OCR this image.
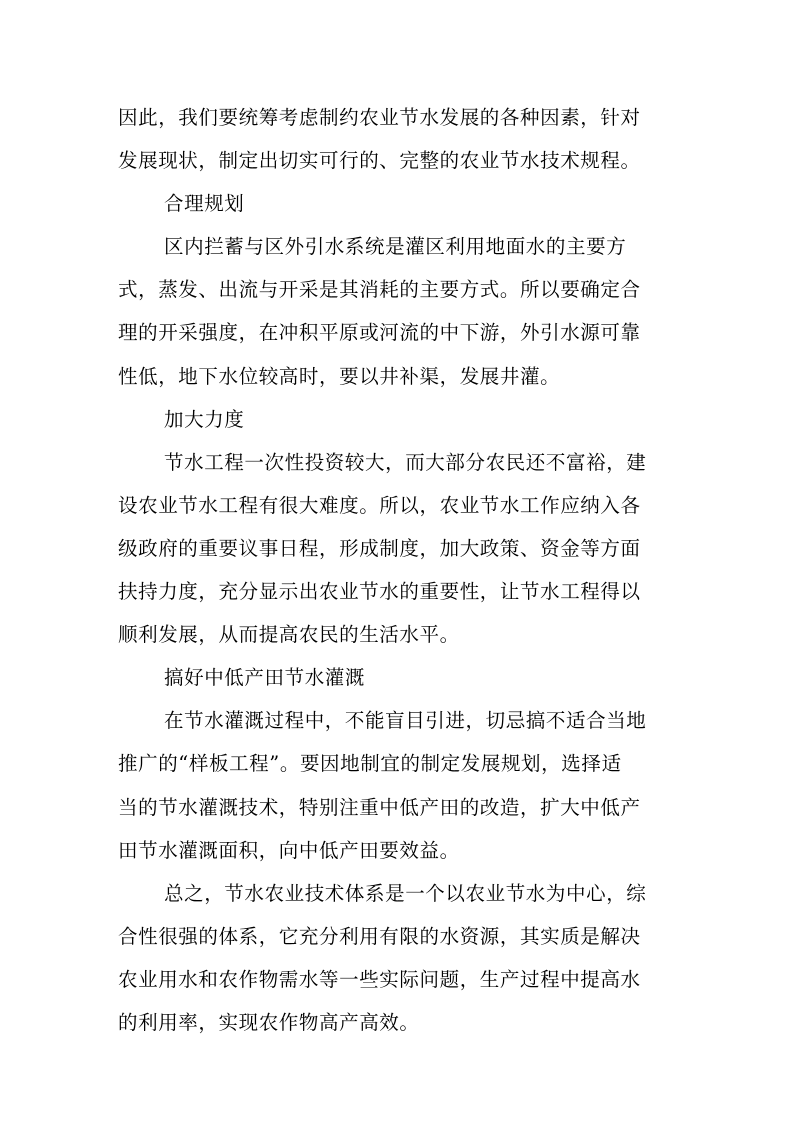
因此，我们要统筹考虑制约农业节水发展的各种因素，针对
发展现状，制定出切实可行的、完整的农业节水技术规程。
合理规划
区内拦蓄与区外引水系统是灌区利用地面水的主要方
式，蒸发、出流与开采是其消耗的主要方式。所以要确定合
理的开采强度，在冲积平原或河流的中下游，外引水源可靠
性低，地下水位较高时，要以井补渠，发展井灌。
加大力度
节水工程一次性投资较大，而大部分农民还不富裕，建
设农业节水工程有很大难度。所以，农业节水工作应纳入各
级政府的重要议事日程，形成制度，加大政策、资金等方面
扶持力度，充分显示出农业节水的重要性，让节水工程得以
顺利发展，从而提高农民的生活水平。
搞好中低产田节水灌溉
在节水灌溉过程中，不能盲目引进，切忌搞不适合当地
推广的“样板工程”。要因地制宜的制定发展规划，选择适
当的节水灌溉技术，特别注重中低产田的改造，扩大中低产
田节水灌溉面积，向中低产田要效益。
总之，节水农业技术体系是一个以农业节水为中心，综
合性很强的体系，它充分利用有限的水资源，其实质是解决
农业用水和农作物需水等一些实际问题，生产过程中提高水
的利用率，实现农作物高产高效。
